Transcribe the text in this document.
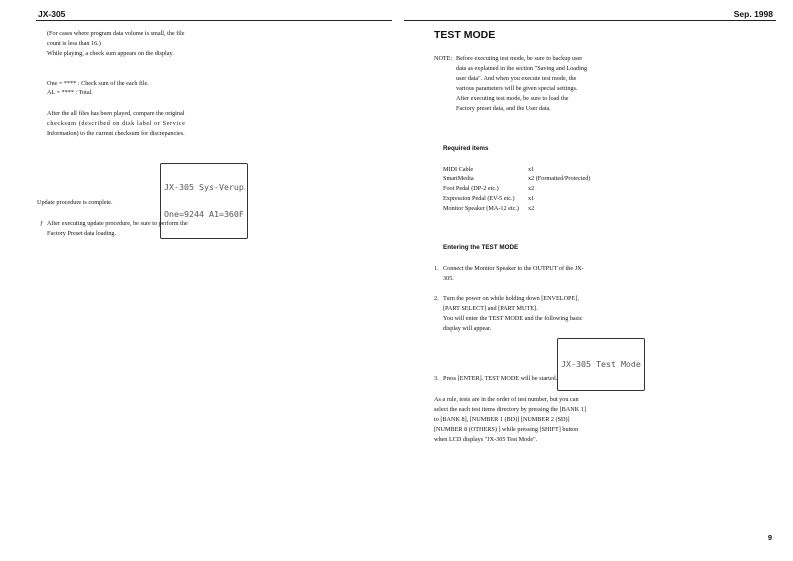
JX-305	Sep. 1998
(For cases where program data volume is small, the file
count is less than 16.)
While playing, a check sum appears on the display.
One = **** : Check sum of the each file.
AL = **** : Total.
After the all files has been played, compare the original
checksum (described on disk label or Service
Information) to the current checksum for discrepancies.

JX-305 Sys-Verup

One=9244 A1=360F

Update procedure is complete.
ƒ After executing update procedure, be sure to perform the
Factory Preset data loading.
TEST MODE
NOTE: Before executing test mode, be sure to backup user
data as explained in the section "Saving and Loading
user data". And when you execute test mode, the
various parameters will be given special settings.
After executing test mode, be sure to load the
Factory preset data, and the User data.
Required items
MIDI Cable	x1
SmartMedia	x2 (Formatted/Protected)
Foot Pedal (DP-2 etc.)	x2
Expression Pedal (EV-5 etc.) x1
Monitor Speaker (MA-12 etc.) x2
Entering the TEST MODE
1. Connect the Monitor Speaker to the OUTPUT of the JX-
305.
2. Turn the power on while holding down [ENVELOPE],
[PART SELECT] and [PART MUTE].
You will enter the TEST MODE and the following basic
display will appear.

JX-305 Test Mode

3. Press [ENTER]. TEST MODE will be started.
As a rule, tests are in the order of test number, but you can
select the each test items directory by pressing the [BANK 1]
to [BANK 8], [NUMBER 1 (BD)] [NUMBER 2 (SD)]
[NUMBER 8 (OTHERS) ] while pressing [SHIFT] button
when LCD displays "JX-305 Test Mode".
9
